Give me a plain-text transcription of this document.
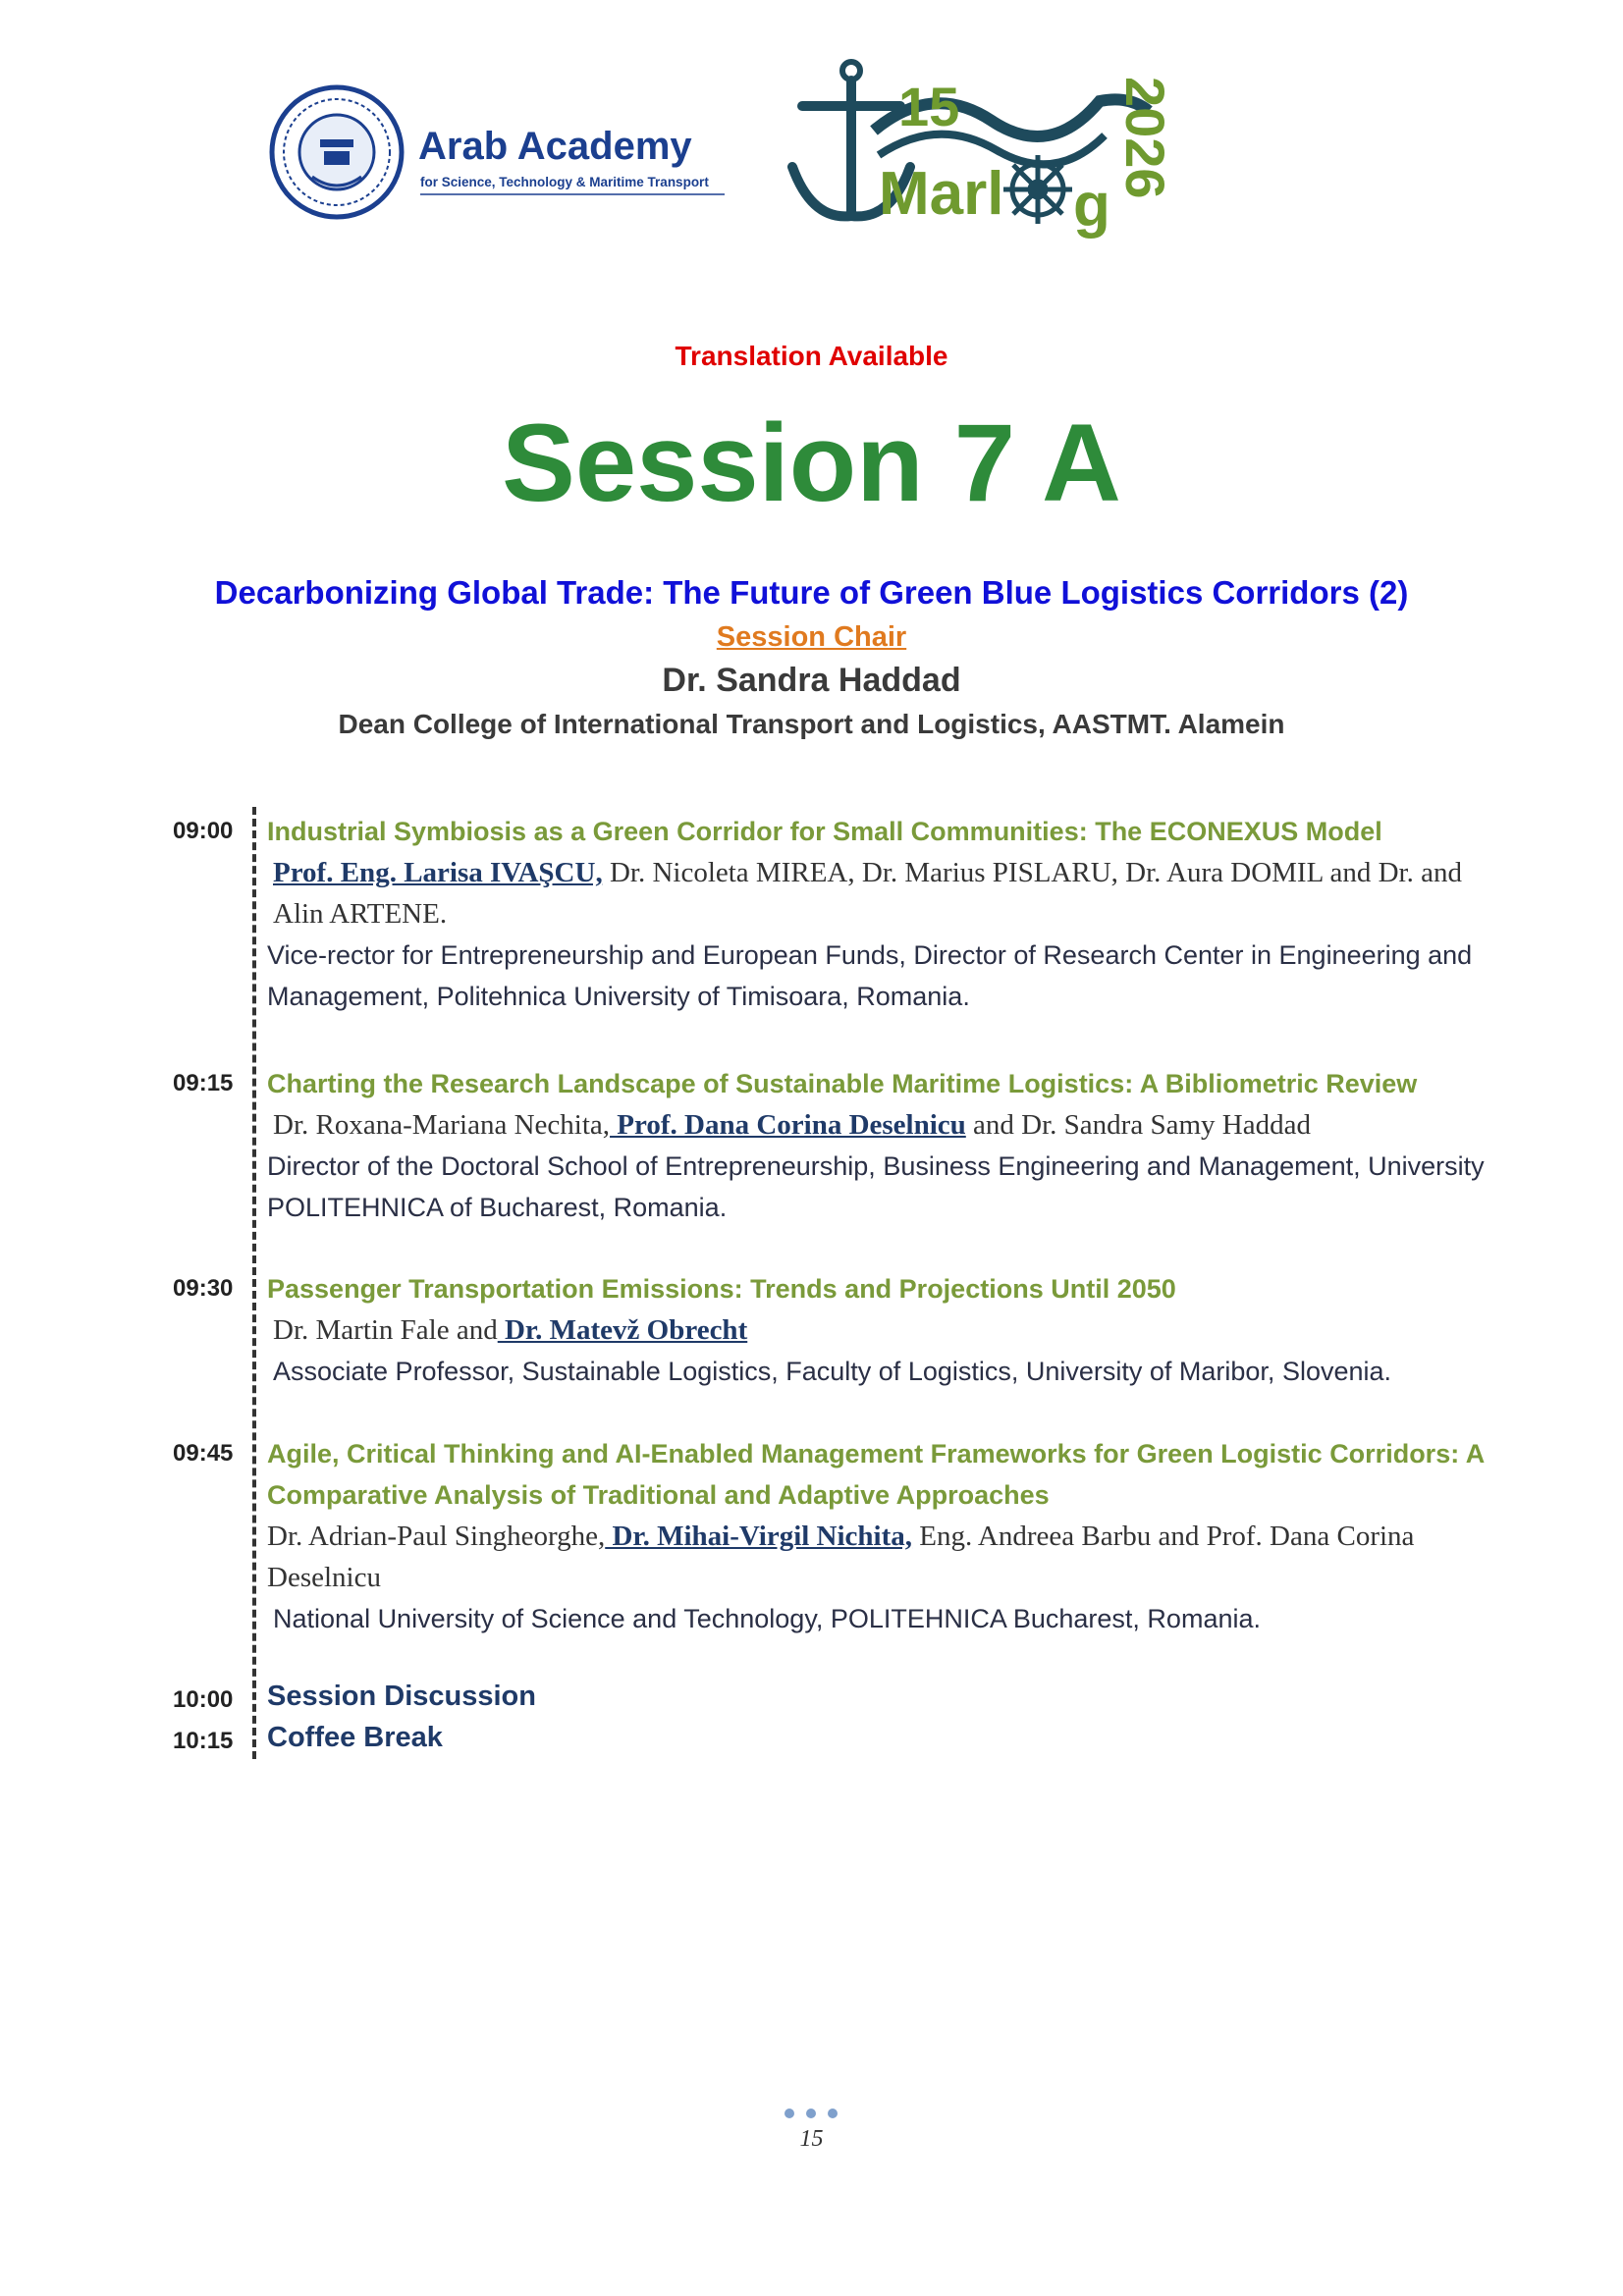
Arab Academy
for Science, Technology & Maritime Transport
15
Marl g
2026
Translation Available
Session 7 A
Decarbonizing Global Trade: The Future of Green Blue Logistics Corridors (2)
Session Chair
Dr. Sandra Haddad
Dean College of International Transport and Logistics, AASTMT. Alamein
09:00 Industrial Symbiosis as a Green Corridor for Small Communities: The ECONEXUS Model
Prof. Eng. Larisa IVAŞCU, Dr. Nicoleta MIREA, Dr. Marius PISLARU, Dr. Aura DOMIL and Dr. and Alin ARTENE.
Vice-rector for Entrepreneurship and European Funds, Director of Research Center in Engineering and Management, Politehnica University of Timisoara, Romania.
09:15 Charting the Research Landscape of Sustainable Maritime Logistics: A Bibliometric Review
Dr. Roxana-Mariana Nechita, Prof. Dana Corina Deselnicu and Dr. Sandra Samy Haddad
Director of the Doctoral School of Entrepreneurship, Business Engineering and Management, University POLITEHNICA of Bucharest, Romania.
09:30 Passenger Transportation Emissions: Trends and Projections Until 2050
Dr. Martin Fale and Dr. Matevž Obrecht
Associate Professor, Sustainable Logistics, Faculty of Logistics, University of Maribor, Slovenia.
09:45 Agile, Critical Thinking and AI-Enabled Management Frameworks for Green Logistic Corridors: A Comparative Analysis of Traditional and Adaptive Approaches
Dr. Adrian-Paul Singheorghe, Dr. Mihai-Virgil Nichita, Eng. Andreea Barbu and Prof. Dana Corina Deselnicu
National University of Science and Technology, POLITEHNICA Bucharest, Romania.
10:00 Session Discussion
10:15 Coffee Break
15
